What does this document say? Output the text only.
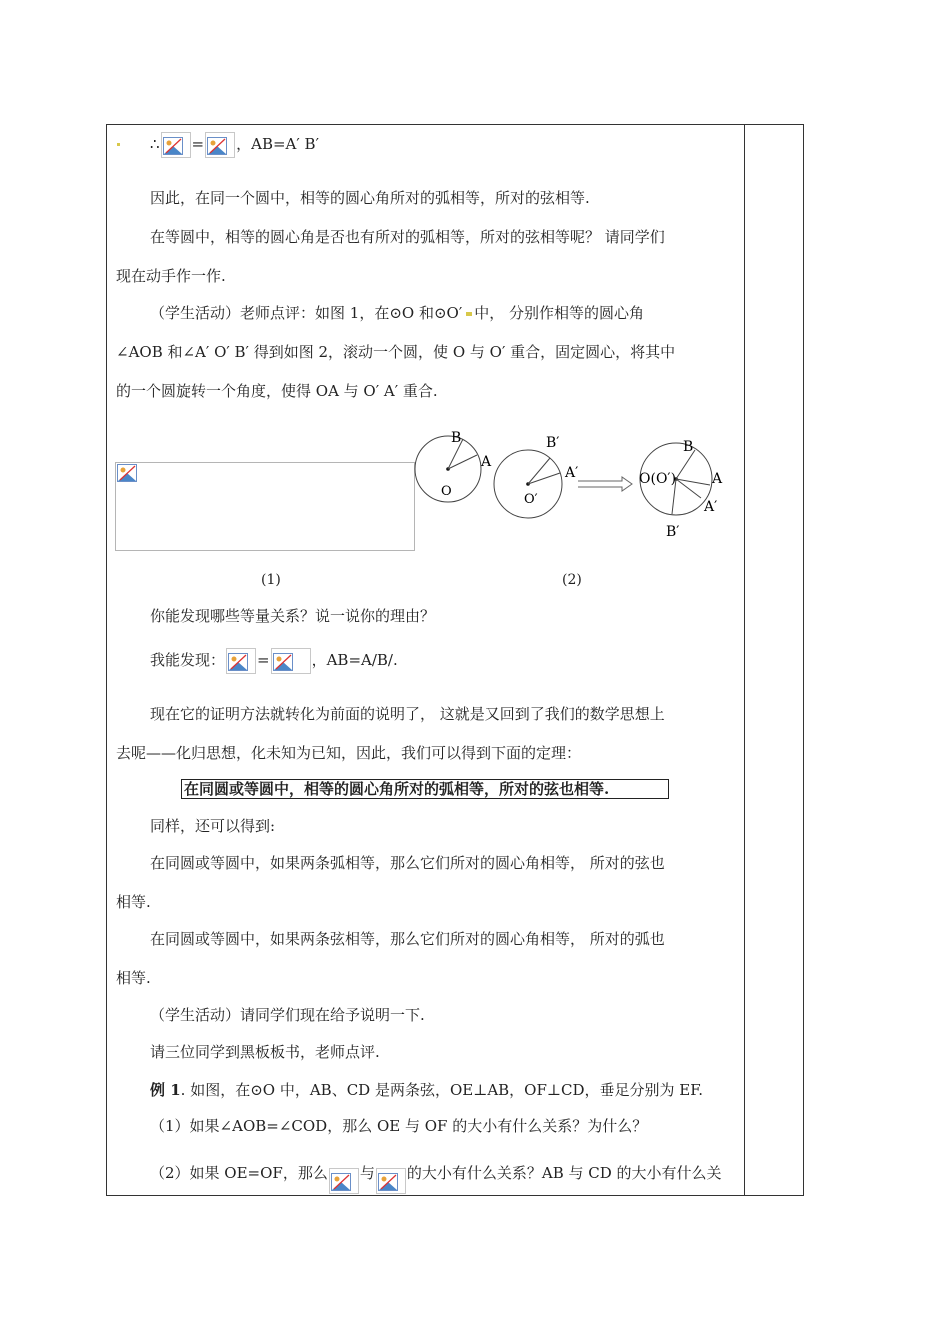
∴ = ，AB=A′ B′
因此，在同一个圆中，相等的圆心角所对的弧相等，所对的弦相等.
在等圆中，相等的圆心角是否也有所对的弧相等，所对的弦相等呢？ 请同学们
现在动手作一作.
（学生活动）老师点评：如图 1，在⊙O 和⊙O′ 中， 分别作相等的圆心角
∠AOB 和∠A′ O′ B′ 得到如图 2，滚动一个圆，使 O 与 O′ 重合，固定圆心，将其中
的一个圆旋转一个角度，使得 OA 与 O′ A′ 重合.
B
A
O
B′
A′
O′
B
O(O′)	A
A′
B′
(1)	(2)
你能发现哪些等量关系？说一说你的理由？
我能发现： =	，AB=A/B/.
现在它的证明方法就转化为前面的说明了， 这就是又回到了我们的数学思想上
去呢——化归思想，化未知为已知，因此，我们可以得到下面的定理：
在同圆或等圆中，相等的圆心角所对的弧相等，所对的弦也相等.
同样，还可以得到:
在同圆或等圆中，如果两条弧相等，那么它们所对的圆心角相等， 所对的弦也
相等.
在同圆或等圆中，如果两条弦相等，那么它们所对的圆心角相等， 所对的弧也
相等.
（学生活动）请同学们现在给予说明一下.
请三位同学到黑板板书，老师点评.
例 1. 如图，在⊙O 中，AB、CD 是两条弦，OE⊥AB，OF⊥CD，垂足分别为 EF.
（1）如果∠AOB=∠COD，那么 OE 与 OF 的大小有什么关系？为什么？
（2）如果 OE=OF，那么 与 的大小有什么关系？AB 与 CD 的大小有什么关
